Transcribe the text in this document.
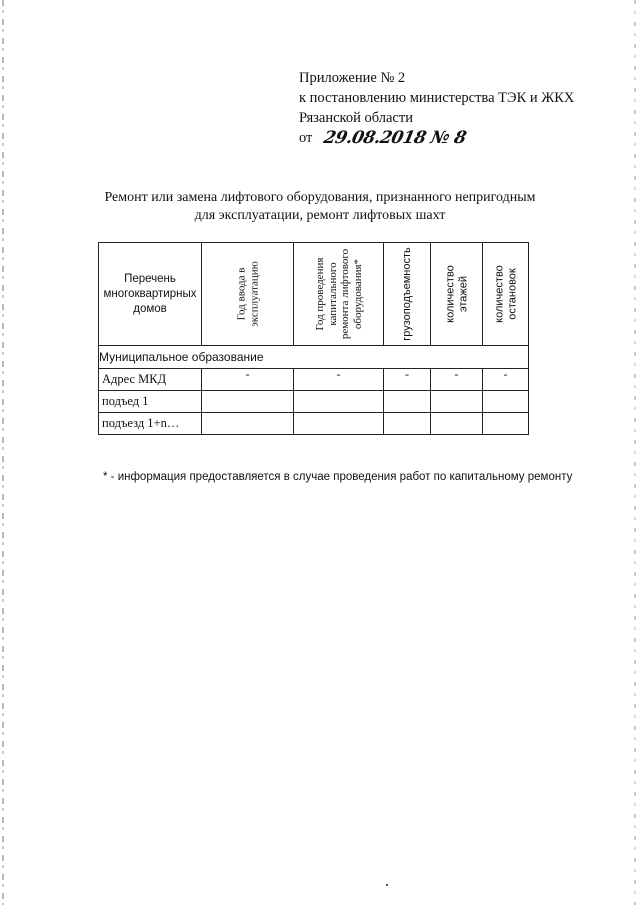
Приложение № 2
к постановлению министерства ТЭК и ЖКХ
Рязанской области
от 29.08.2018 № 8
Ремонт или замена лифтового оборудования, признанного непригодным
для эксплуатации, ремонт лифтовых шахт
Перечень многоквартирных домов	Год ввода в эксплуатацию	Год проведения капитального ремонта лифтового оборудования*	грузоподъемность	количество этажей	количество остановок

Муниципальное образование					
Адрес МКД	-	-	-	-	-
подъед 1					
подъезд 1+n…					
* - информация предоставляется в случае проведения работ по капитальному ремонту
